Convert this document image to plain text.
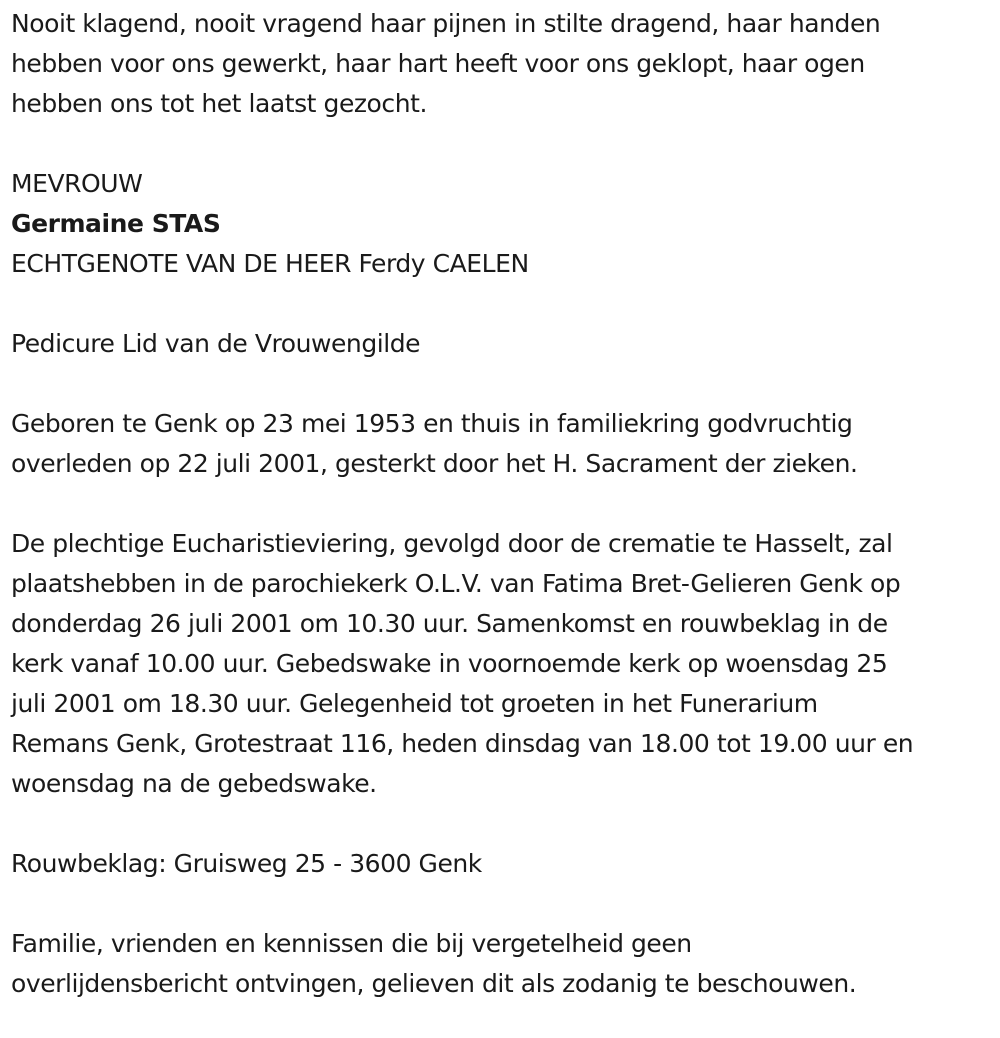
Nooit klagend, nooit vragend haar pijnen in stilte dragend, haar handen
hebben voor ons gewerkt, haar hart heeft voor ons geklopt, haar ogen
hebben ons tot het laatst gezocht.
MEVROUW
Germaine STAS
ECHTGENOTE VAN DE HEER Ferdy CAELEN
Pedicure Lid van de Vrouwengilde
Geboren te Genk op 23 mei 1953 en thuis in familiekring godvruchtig
overleden op 22 juli 2001, gesterkt door het H. Sacrament der zieken.
De plechtige Eucharistieviering, gevolgd door de crematie te Hasselt, zal
plaatshebben in de parochiekerk O.L.V. van Fatima Bret-Gelieren Genk op
donderdag 26 juli 2001 om 10.30 uur. Samenkomst en rouwbeklag in de
kerk vanaf 10.00 uur. Gebedswake in voornoemde kerk op woensdag 25
juli 2001 om 18.30 uur. Gelegenheid tot groeten in het Funerarium
Remans Genk, Grotestraat 116, heden dinsdag van 18.00 tot 19.00 uur en
woensdag na de gebedswake.
Rouwbeklag: Gruisweg 25 - 3600 Genk
Familie, vrienden en kennissen die bij vergetelheid geen
overlijdensbericht ontvingen, gelieven dit als zodanig te beschouwen.
